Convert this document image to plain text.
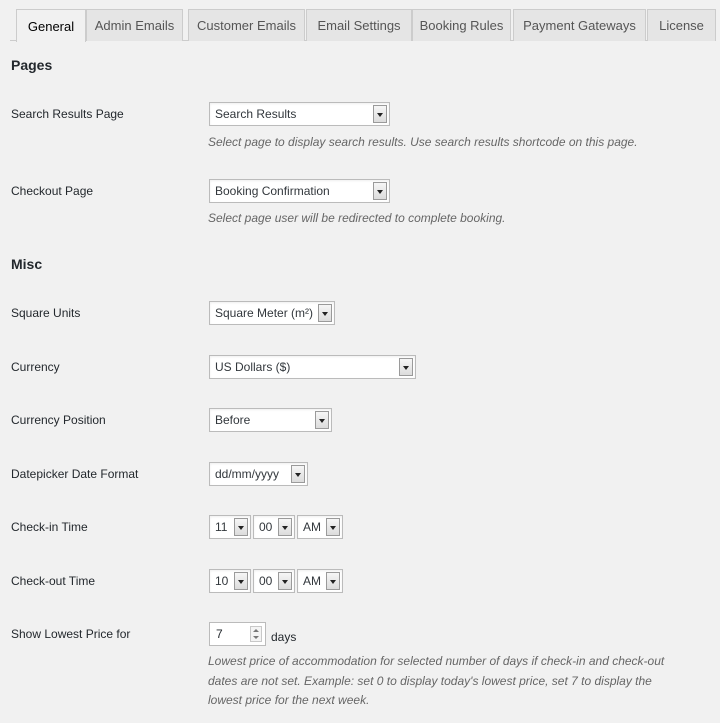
General	Admin Emails	Customer Emails	Email Settings	Booking Rules	Payment Gateways	License
Pages
Search Results Page	Search Results
Select page to display search results. Use search results shortcode on this page.
Checkout Page	Booking Confirmation
Select page user will be redirected to complete booking.
Misc
Square Units	Square Meter (m²)
Currency	US Dollars ($)
Currency Position	Before
Datepicker Date Format	dd/mm/yyyy
Check-in Time	11	00	AM
Check-out Time	10	00	AM
Show Lowest Price for	7	days
Lowest price of accommodation for selected number of days if check-in and check-out
dates are not set. Example: set 0 to display today's lowest price, set 7 to display the
lowest price for the next week.
